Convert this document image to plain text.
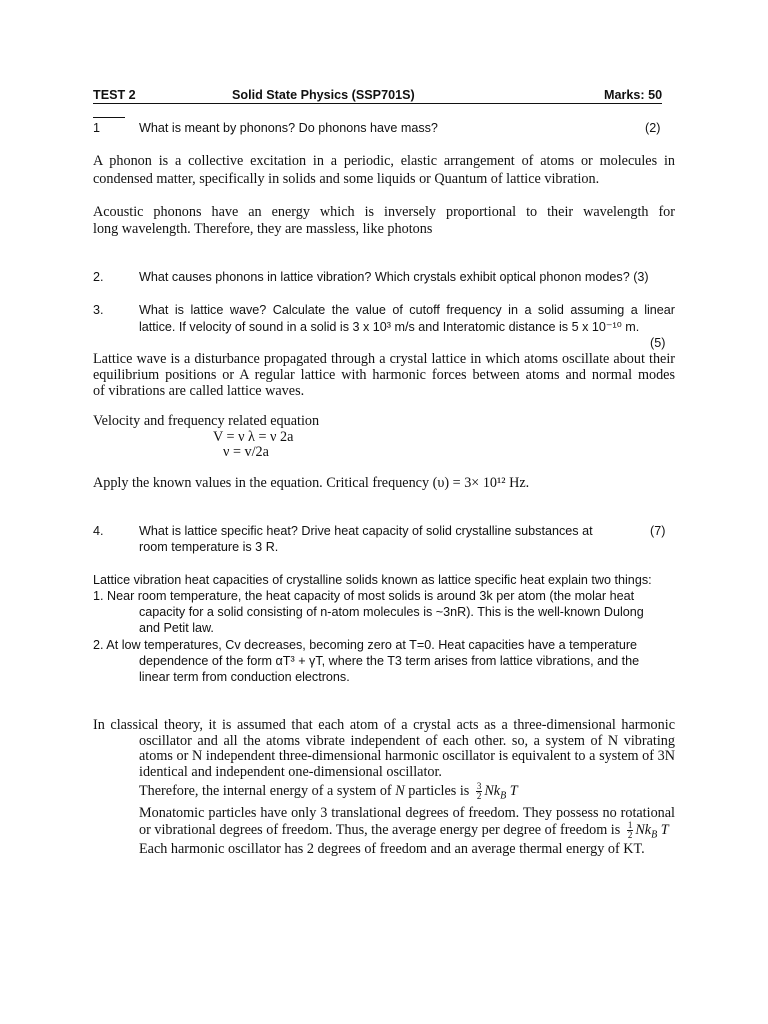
TEST 2	Solid State Physics (SSP701S)	Marks: 50
1	What is meant by phonons? Do phonons have mass?	(2)
A phonon is a collective excitation in a periodic, elastic arrangement of atoms or molecules in
condensed matter, specifically in solids and some liquids or Quantum of lattice vibration.
Acoustic phonons have an energy which is inversely proportional to their wavelength for
long wavelength. Therefore, they are massless, like photons
2.	What causes phonons in lattice vibration? Which crystals exhibit optical phonon modes? (3)
3.	What is lattice wave? Calculate the value of cutoff frequency in a solid assuming a linear
lattice. If velocity of sound in a solid is 3 x 10³ m/s and Interatomic distance is 5 x 10⁻¹⁰ m.
(5)
Lattice wave is a disturbance propagated through a crystal lattice in which atoms oscillate about their
equilibrium positions or A regular lattice with harmonic forces between atoms and normal modes
of vibrations are called lattice waves.
Velocity and frequency related equation
V = ν λ = ν 2a
ν = v/2a
Apply the known values in the equation. Critical frequency (υ) = 3× 10¹² Hz.
4.	What is lattice specific heat? Drive heat capacity of solid crystalline substances at
room temperature is 3 R.
(7)
Lattice vibration heat capacities of crystalline solids known as lattice specific heat explain two things:
1. Near room temperature, the heat capacity of most solids is around 3k per atom (the molar heat
capacity for a solid consisting of n-atom molecules is ~3nR). This is the well-known Dulong
and Petit law.
2. At low temperatures, Cv decreases, becoming zero at T=0. Heat capacities have a temperature
dependence of the form αT³ + γT, where the T3 term arises from lattice vibrations, and the
linear term from conduction electrons.
In classical theory, it is assumed that each atom of a crystal acts as a three-dimensional harmonic
oscillator and all the atoms vibrate independent of each other. so, a system of N vibrating
atoms or N independent three-dimensional harmonic oscillator is equivalent to a system of 3N
identical and independent one-dimensional oscillator.
Therefore, the internal energy of a system of N particles is $\frac{3}{2} Nk_B$ T
Monatomic particles have only 3 translational degrees of freedom. They possess no rotational
or vibrational degrees of freedom. Thus, the average energy per degree of freedom is $\frac{1}{2} Nk_B$ T
Each harmonic oscillator has 2 degrees of freedom and an average thermal energy of KT.
